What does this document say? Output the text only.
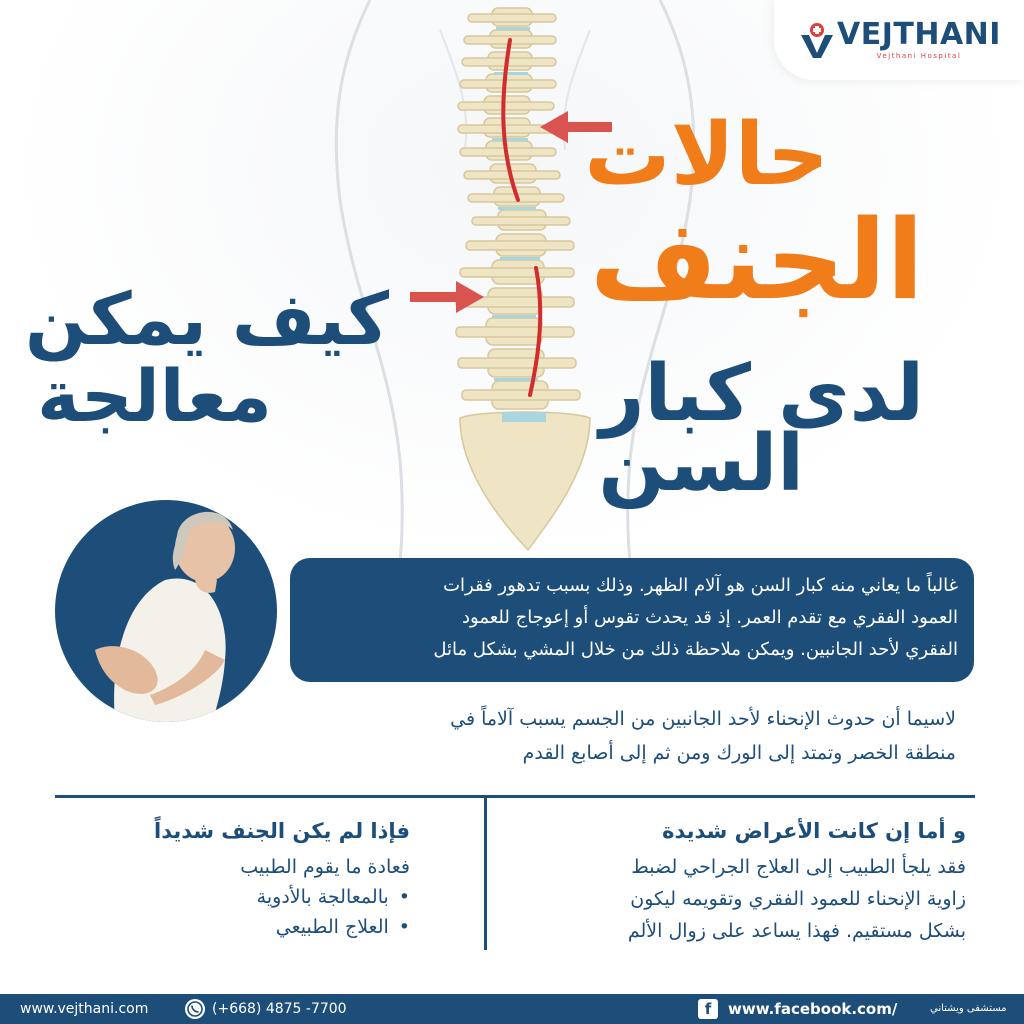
VEJTHANI
Vejthani Hospital
حالات
الجنف
لدى كبار
السن
كيف يمكن
معالجة
غالباً ما يعاني منه كبار السن هو آلام الظهر. وذلك بسبب تدهور فقرات
العمود الفقري مع تقدم العمر. إذ قد يحدث تقوس أو إعوجاج للعمود
الفقري لأحد الجانبين. ويمكن ملاحظة ذلك من خلال المشي بشكل مائل
لاسيما أن حدوث الإنحناء لأحد الجانبين من الجسم يسبب آلاماً في
منطقة الخصر وتمتد إلى الورك ومن ثم إلى أصابع القدم
و أما إن كانت الأعراض شديدة
فقد يلجأ الطبيب إلى العلاج الجراحي لضبط
زاوية الإنحناء للعمود الفقري وتقويمه ليكون
بشكل مستقيم. فهذا يساعد على زوال الألم
فإذا لم يكن الجنف شديداً
فعادة ما يقوم الطبيب
• بالمعالجة بالأدوية
• العلاج الطبيعي
www.vejthani.com	(+668) 4875 -7700	f	www.facebook.com/	مستشفى ويشتاني
